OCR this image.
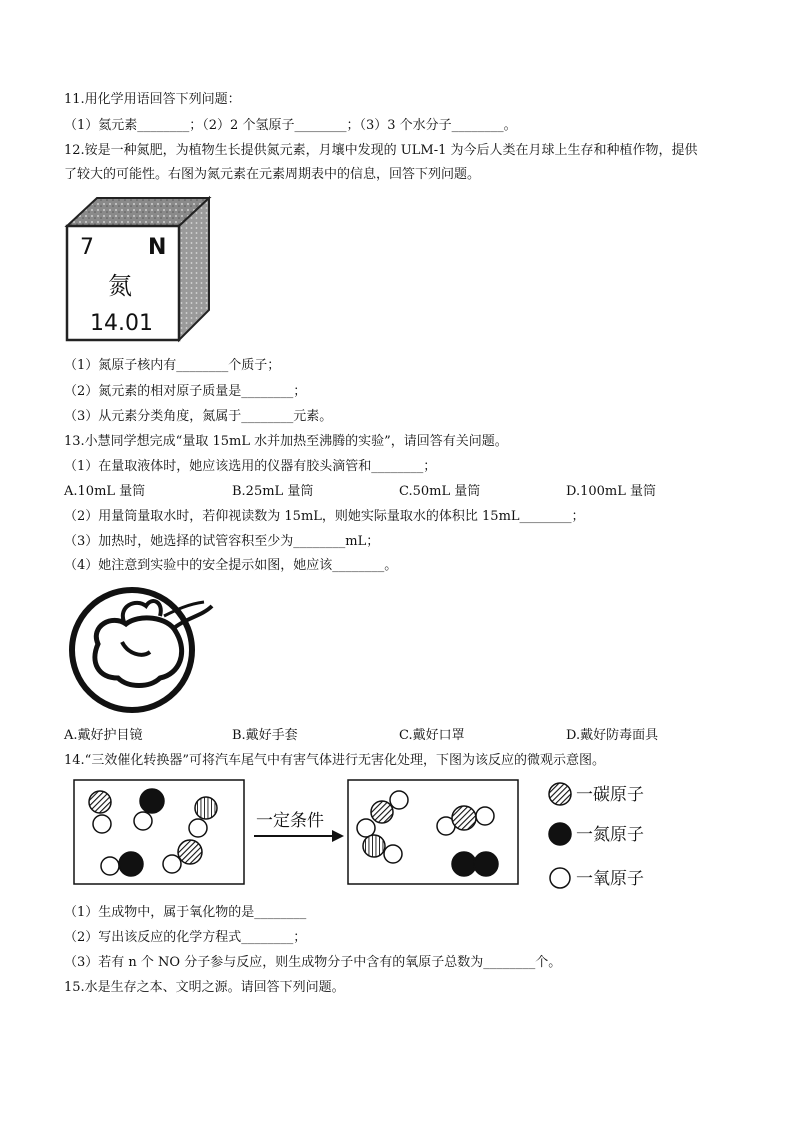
11.用化学用语回答下列问题：
（1）氦元素________；（2）2 个氢原子________；（3）3 个水分子________。
12.铵是一种氮肥，为植物生长提供氮元素，月壤中发现的 ULM-1 为今后人类在月球上生存和种植作物，提供
了较大的可能性。右图为氮元素在元素周期表中的信息，回答下列问题。
7 N
氮
14.01
（1）氮原子核内有________个质子；
（2）氮元素的相对原子质量是________；
（3）从元素分类角度，氮属于________元素。
13.小慧同学想完成“量取 15mL 水并加热至沸腾的实验”，请回答有关问题。
（1）在量取液体时，她应该选用的仪器有胶头滴管和________；
A.10mL 量筒	B.25mL 量筒	C.50mL 量筒	D.100mL 量筒
（2）用量筒量取水时，若仰视读数为 15mL，则她实际量取水的体积比 15mL________；
（3）加热时，她选择的试管容积至少为________mL；
（4）她注意到实验中的安全提示如图，她应该________。
A.戴好护目镜	B.戴好手套	C.戴好口罩	D.戴好防毒面具
14.“三效催化转换器”可将汽车尾气中有害气体进行无害化处理，下图为该反应的微观示意图。
一定条件
一碳原子
一氮原子
一氧原子
（1）生成物中，属于氧化物的是________
（2）写出该反应的化学方程式________；
（3）若有 n 个 NO 分子参与反应，则生成物分子中含有的氧原子总数为________个。
15.水是生存之本、文明之源。请回答下列问题。
